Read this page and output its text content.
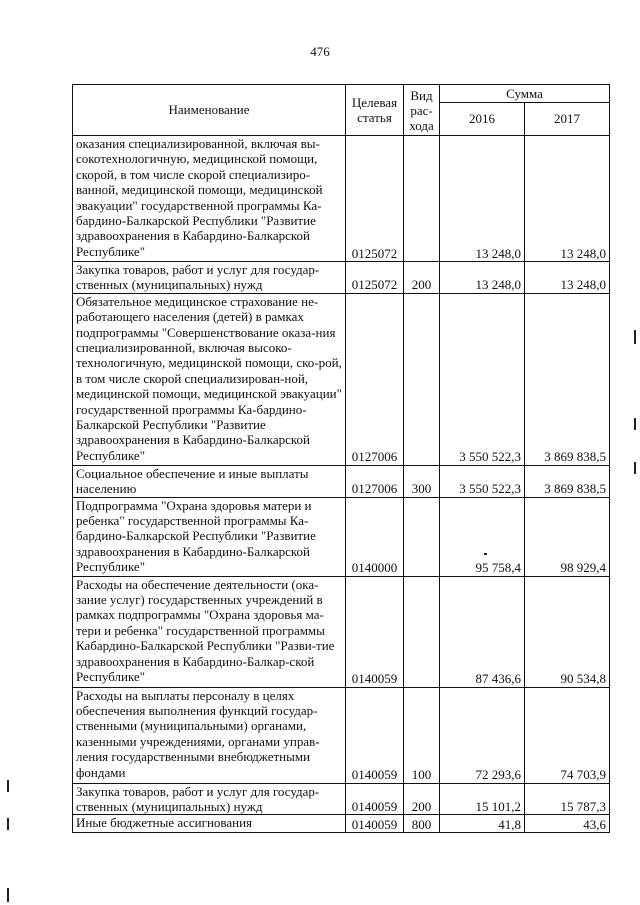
476
Наименование	Целевая статья	Вид рас-хода	Сумма	
			2016	2017
оказания специализированной, включая вы-сокотехнологичную, медицинской помощи, скорой, в том числе скорой специализиро-ванной, медицинской помощи, медицинской эвакуации" государственной программы Ка-бардино-Балкарской Республики "Развитие здравоохранения в Кабардино-Балкарской Республике"	0125072		13 248,0	13 248,0
Закупка товаров, работ и услуг для государ-ственных (муниципальных) нужд	0125072	200	13 248,0	13 248,0
Обязательное медицинское страхование не-работающего населения (детей) в рамках подпрограммы "Совершенствование оказа-ния специализированной, включая высоко-технологичную, медицинской помощи, ско-рой, в том числе скорой специализирован-ной, медицинской помощи, медицинской эвакуации" государственной программы Ка-бардино-Балкарской Республики "Развитие здравоохранения в Кабардино-Балкарской Республике"	0127006		3 550 522,3	3 869 838,5
Социальное обеспечение и иные выплаты населению	0127006	300	3 550 522,3	3 869 838,5
Подпрограмма "Охрана здоровья матери и ребенка" государственной программы Ка-бардино-Балкарской Республики "Развитие здравоохранения в Кабардино-Балкарской Республике"	0140000		95 758,4	98 929,4
Расходы на обеспечение деятельности (ока-зание услуг) государственных учреждений в рамках подпрограммы "Охрана здоровья ма-тери и ребенка" государственной программы Кабардино-Балкарской Республики "Разви-тие здравоохранения в Кабардино-Балкар-ской Республике"	0140059		87 436,6	90 534,8
Расходы на выплаты персоналу в целях обеспечения выполнения функций государ-ственными (муниципальными) органами, казенными учреждениями, органами управ-ления государственными внебюджетными фондами	0140059	100	72 293,6	74 703,9
Закупка товаров, работ и услуг для государ-ственных (муниципальных) нужд	0140059	200	15 101,2	15 787,3
Иные бюджетные ассигнования	0140059	800	41,8	43,6
